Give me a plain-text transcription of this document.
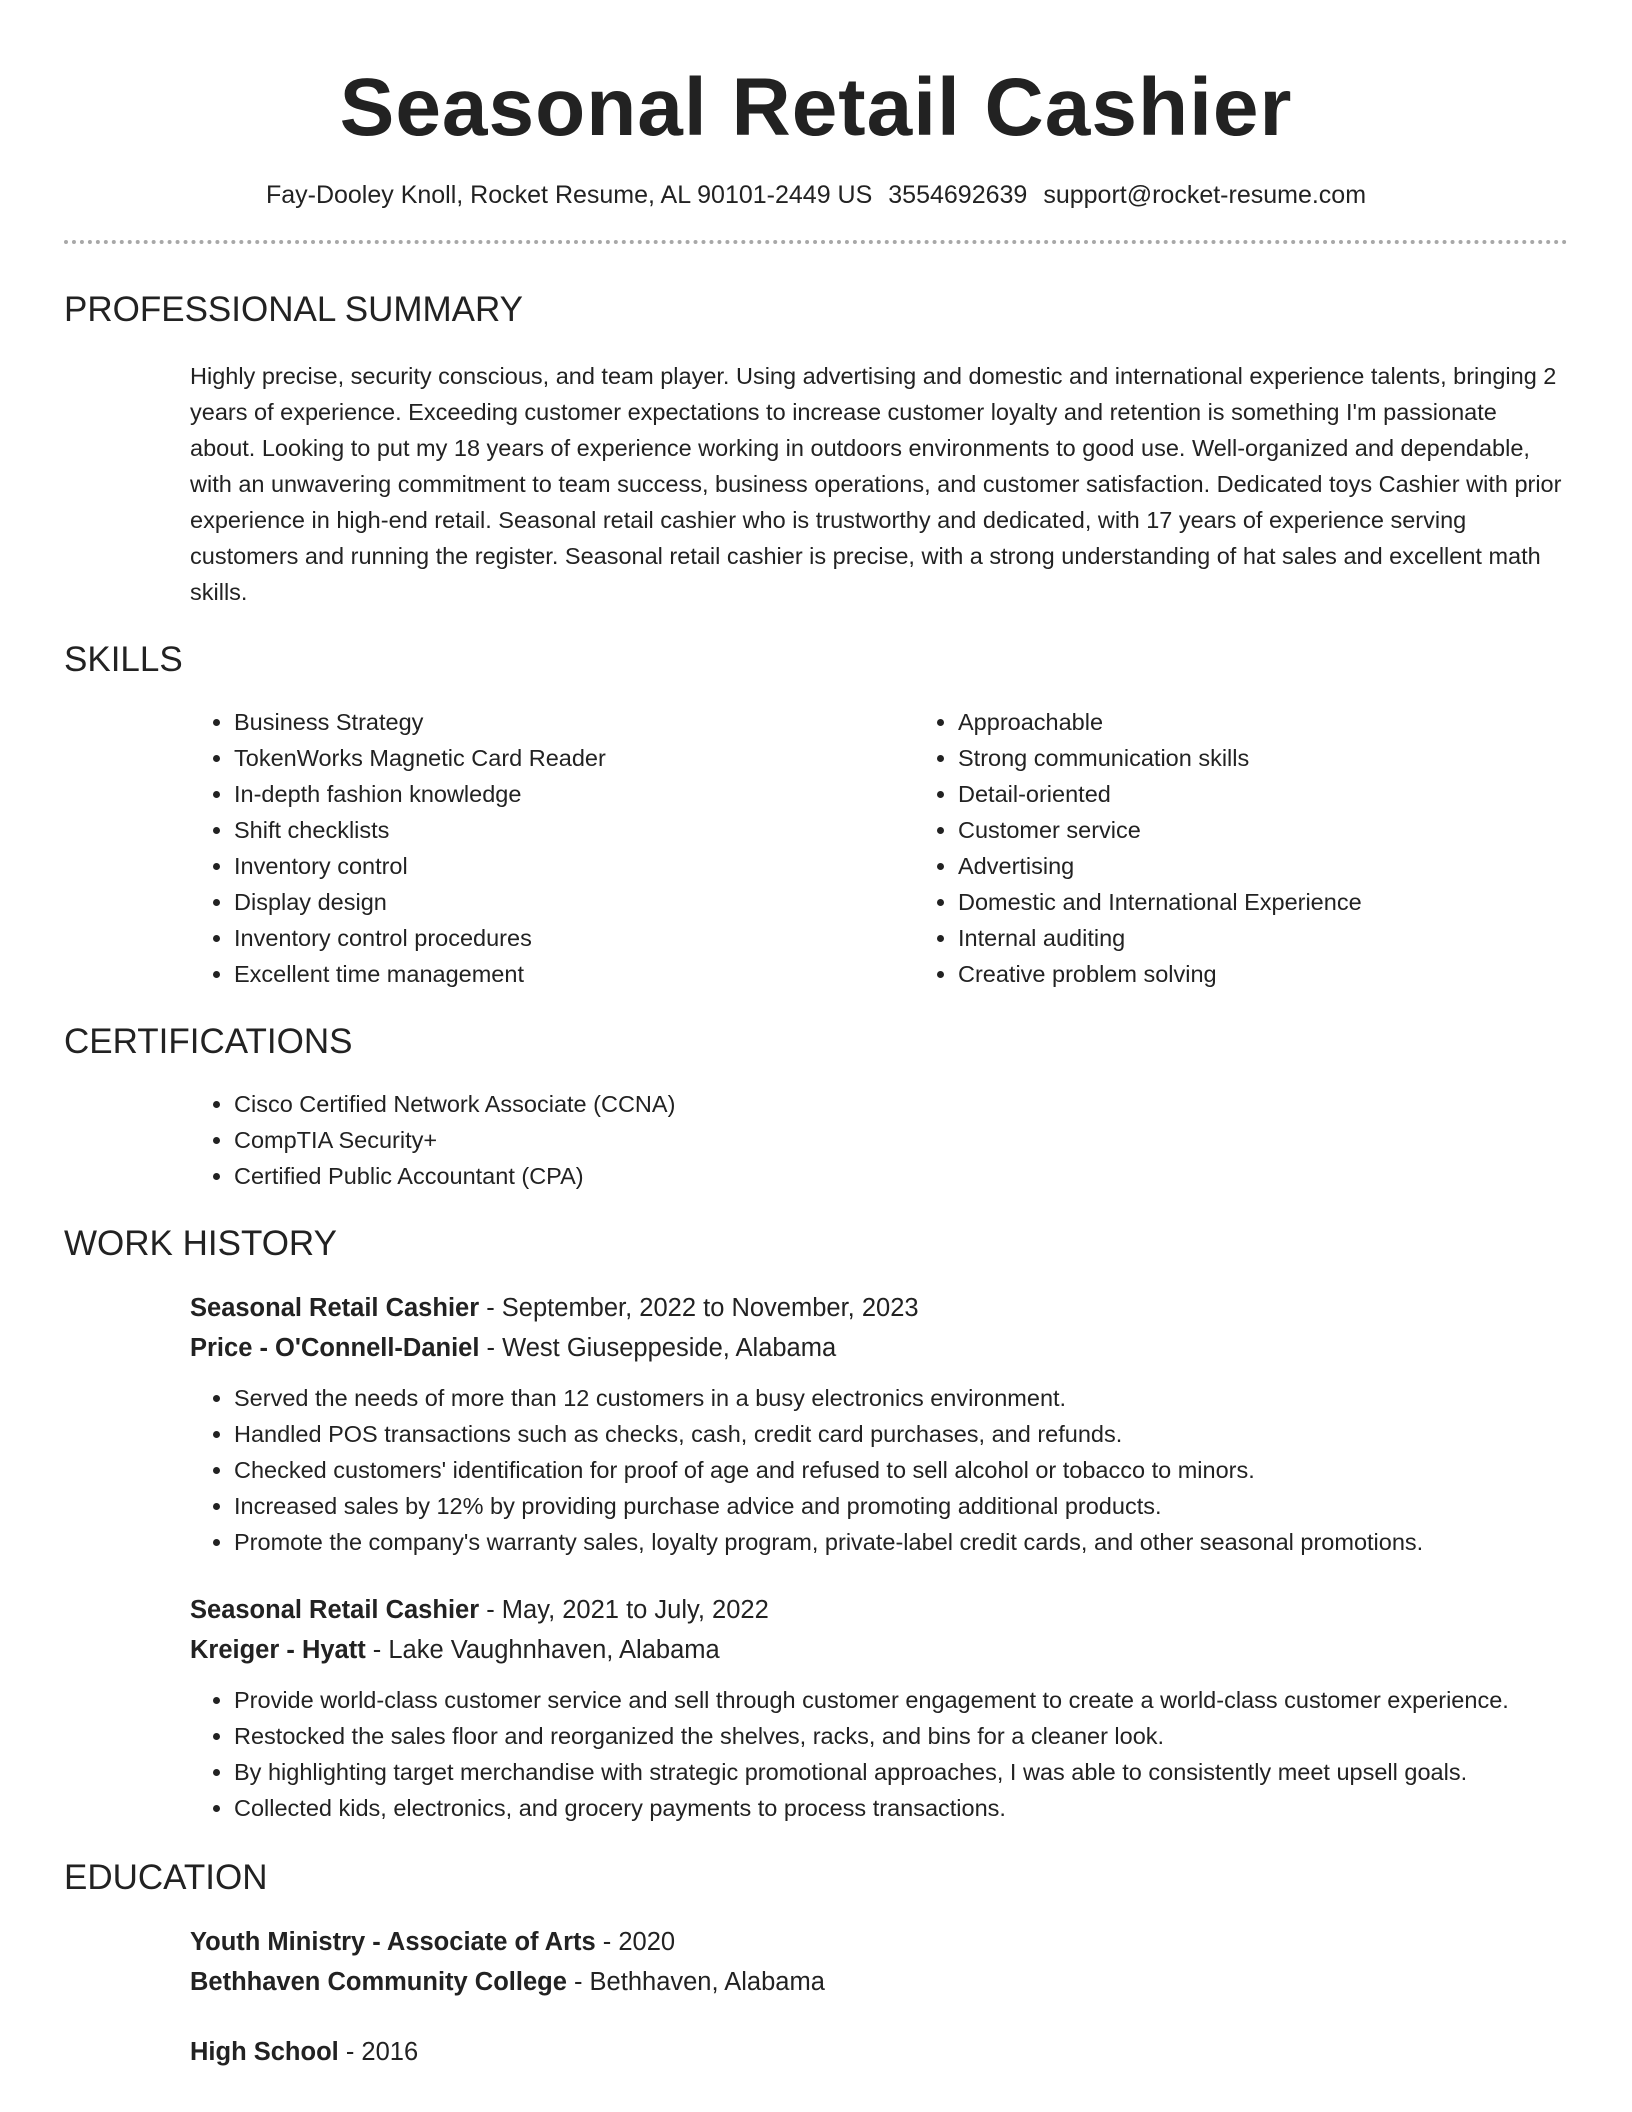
Seasonal Retail Cashier
Fay-Dooley Knoll, Rocket Resume, AL 90101-2449 US 3554692639 support@rocket-resume.com
PROFESSIONAL SUMMARY

Highly precise, security conscious, and team player. Using advertising and domestic and international experience talents, bringing 2 years of experience. Exceeding customer expectations to increase customer loyalty and retention is something I'm passionate about. Looking to put my 18 years of experience working in outdoors environments to good use. Well-organized and dependable, with an unwavering commitment to team success, business operations, and customer satisfaction. Dedicated toys Cashier with prior experience in high-end retail. Seasonal retail cashier who is trustworthy and dedicated, with 17 years of experience serving customers and running the register. Seasonal retail cashier is precise, with a strong understanding of hat sales and excellent math skills.

SKILLS
• Business Strategy
• TokenWorks Magnetic Card Reader
• In-depth fashion knowledge
• Shift checklists
• Inventory control
• Display design
• Inventory control procedures
• Excellent time management
• Approachable
• Strong communication skills
• Detail-oriented
• Customer service
• Advertising
• Domestic and International Experience
• Internal auditing
• Creative problem solving
CERTIFICATIONS
• Cisco Certified Network Associate (CCNA)
• CompTIA Security+
• Certified Public Accountant (CPA)
WORK HISTORY
Seasonal Retail Cashier - September, 2022 to November, 2023
Price - O'Connell-Daniel - West Giuseppeside, Alabama
• Served the needs of more than 12 customers in a busy electronics environment.
• Handled POS transactions such as checks, cash, credit card purchases, and refunds.
• Checked customers' identification for proof of age and refused to sell alcohol or tobacco to minors.
• Increased sales by 12% by providing purchase advice and promoting additional products.
• Promote the company's warranty sales, loyalty program, private-label credit cards, and other seasonal promotions.
Seasonal Retail Cashier - May, 2021 to July, 2022
Kreiger - Hyatt - Lake Vaughnhaven, Alabama
• Provide world-class customer service and sell through customer engagement to create a world-class customer experience.
• Restocked the sales floor and reorganized the shelves, racks, and bins for a cleaner look.
• By highlighting target merchandise with strategic promotional approaches, I was able to consistently meet upsell goals.
• Collected kids, electronics, and grocery payments to process transactions.
EDUCATION
Youth Ministry - Associate of Arts - 2020
Bethhaven Community College - Bethhaven, Alabama
High School - 2016
